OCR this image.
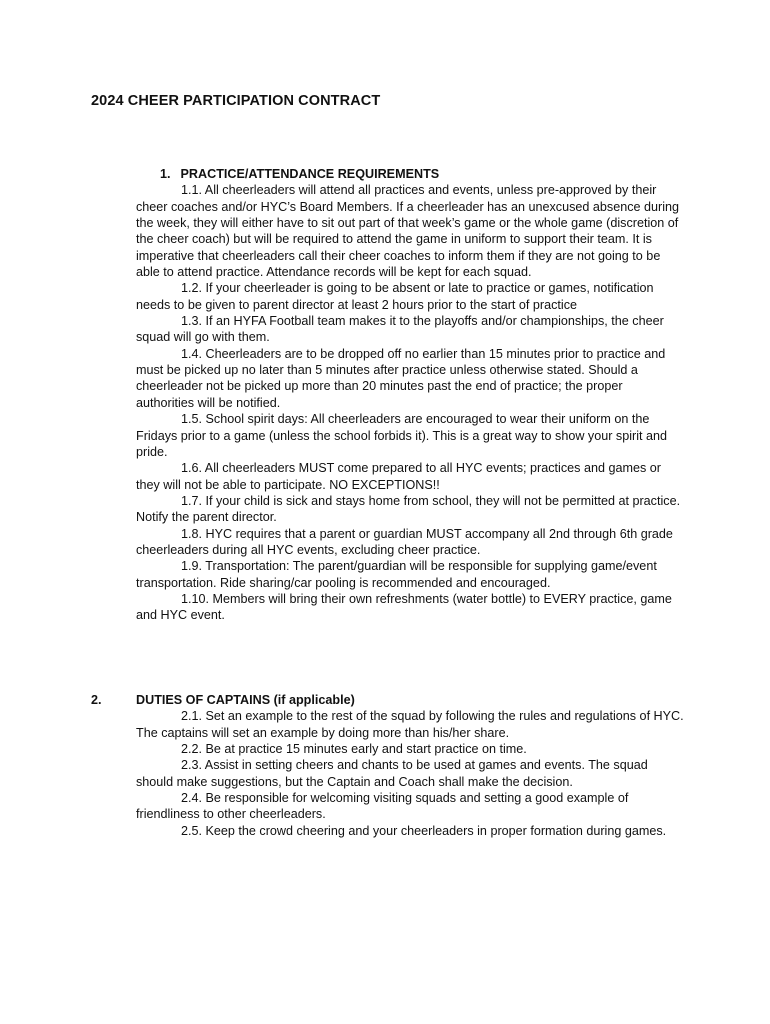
2024 CHEER PARTICIPATION CONTRACT
1. PRACTICE/ATTENDANCE REQUIREMENTS

1.1. All cheerleaders will attend all practices and events, unless pre-approved by their cheer coaches and/or HYC’s Board Members. If a cheerleader has an unexcused absence during the week, they will either have to sit out part of that week’s game or the whole game (discretion of the cheer coach) but will be required to attend the game in uniform to support their team. It is imperative that cheerleaders call their cheer coaches to inform them if they are not going to be able to attend practice. Attendance records will be kept for each squad.

1.2. If your cheerleader is going to be absent or late to practice or games, notification needs to be given to parent director at least 2 hours prior to the start of practice

1.3. If an HYFA Football team makes it to the playoffs and/or championships, the cheer squad will go with them.

1.4. Cheerleaders are to be dropped off no earlier than 15 minutes prior to practice and must be picked up no later than 5 minutes after practice unless otherwise stated. Should a cheerleader not be picked up more than 20 minutes past the end of practice; the proper authorities will be notified.

1.5. School spirit days: All cheerleaders are encouraged to wear their uniform on the Fridays prior to a game (unless the school forbids it). This is a great way to show your spirit and pride.

1.6. All cheerleaders MUST come prepared to all HYC events; practices and games or they will not be able to participate. NO EXCEPTIONS!!

1.7. If your child is sick and stays home from school, they will not be permitted at practice. Notify the parent director.

1.8. HYC requires that a parent or guardian MUST accompany all 2nd through 6th grade cheerleaders during all HYC events, excluding cheer practice.

1.9. Transportation: The parent/guardian will be responsible for supplying game/event transportation. Ride sharing/car pooling is recommended and encouraged.

1.10. Members will bring their own refreshments (water bottle) to EVERY practice, game and HYC event.

2.	DUTIES OF CAPTAINS (if applicable)

2.1. Set an example to the rest of the squad by following the rules and regulations of HYC. The captains will set an example by doing more than his/her share.

2.2. Be at practice 15 minutes early and start practice on time.

2.3. Assist in setting cheers and chants to be used at games and events. The squad should make suggestions, but the Captain and Coach shall make the decision.

2.4. Be responsible for welcoming visiting squads and setting a good example of friendliness to other cheerleaders.

2.5. Keep the crowd cheering and your cheerleaders in proper formation during games.
